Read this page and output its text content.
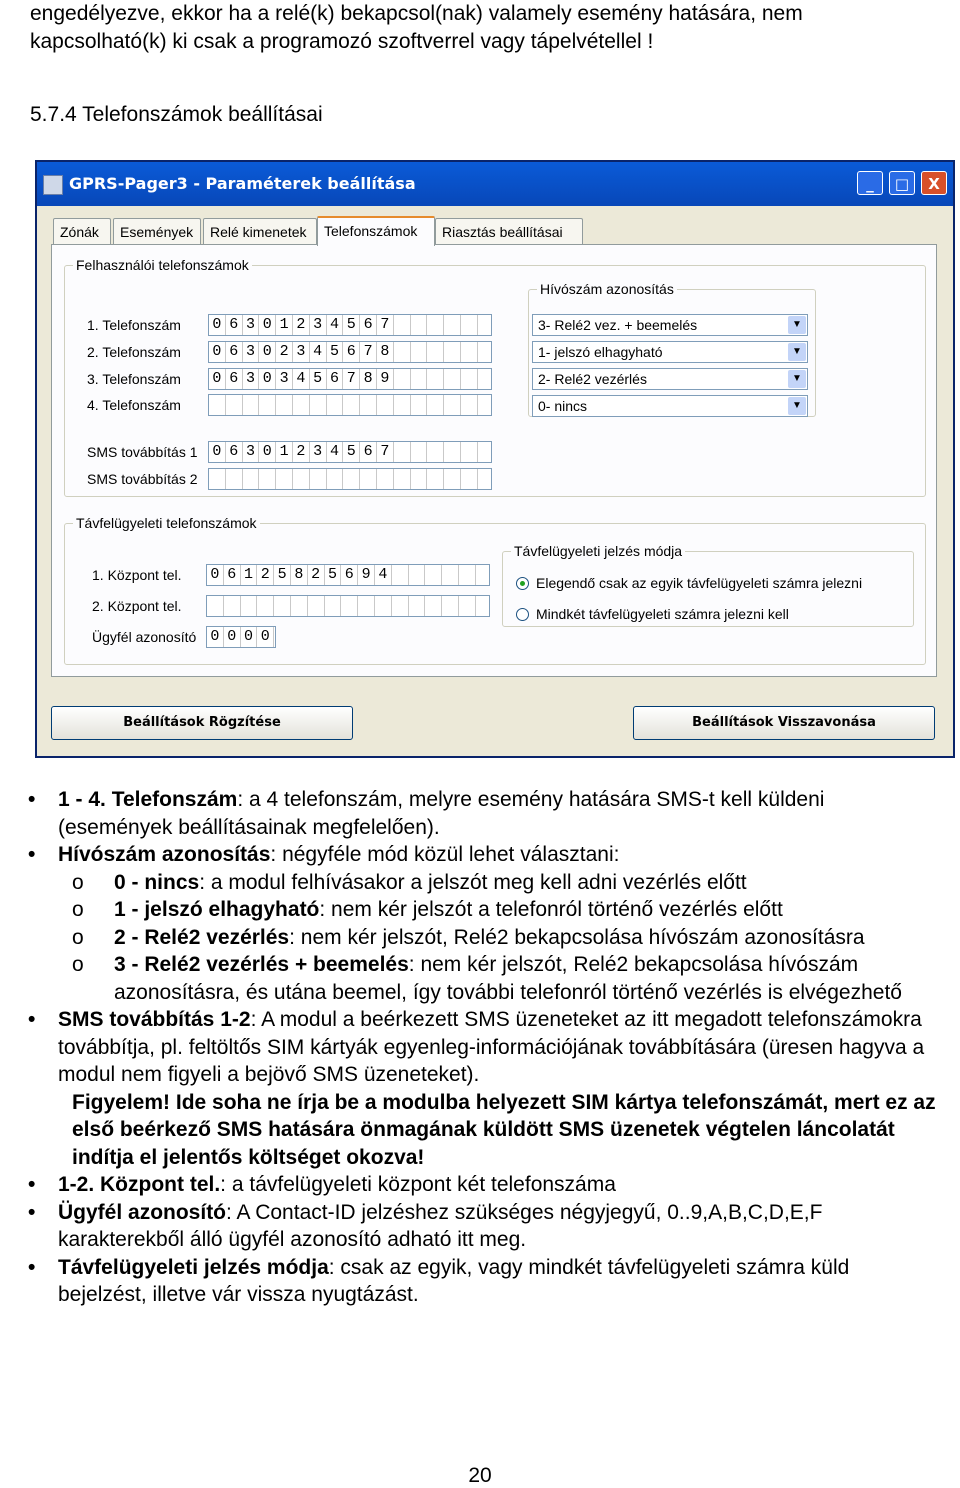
engedélyezve, ekkor ha a relé(k) bekapcsol(nak) valamely esemény hatására, nem kapcsolható(k) ki csak a programozó szoftverrel vagy tápelvétellel !
5.7.4 Telefonszámok beállításai
GPRS-Pager3 - Paraméterek beállítása	_	□	X
Zónák	Események	Relé kimenetek	Telefonszámok	Riasztás beállításai
Felhasználói telefonszámok
1. Telefonszám 0 6 3 0 1 2 3 4 5 6 7
2. Telefonszám 0 6 3 0 2 3 4 5 6 7 8
3. Telefonszám 0 6 3 0 3 4 5 6 7 8 9
4. Telefonszám
SMS továbbítás 1 0 6 3 0 1 2 3 4 5 6 7
SMS továbbítás 2
Hívószám azonosítás
3- Relé2 vez. + beemelés	▼
1- jelszó elhagyható	▼
2- Relé2 vezérlés	▼
0- nincs	▼
Távfelügyeleti telefonszámok
1. Központ tel. 0 6 1 2 5 8 2 5 6 9 4
2. Központ tel.
Ügyfél azonosító 0 0 0 0
Távfelügyeleti jelzés módja
Elegendő csak az egyik távfelügyeleti számra jelezni
Mindkét távfelügyeleti számra jelezni kell
Beállítások Rögzítése	Beállítások Visszavonása
• 1 - 4. Telefonszám: a 4 telefonszám, melyre esemény hatására SMS-t kell küldeni (események beállításainak megfelelően).
• Hívószám azonosítás: négyféle mód közül lehet választani:
o 0 - nincs: a modul felhívásakor a jelszót meg kell adni vezérlés előtt
o 1 - jelszó elhagyható: nem kér jelszót a telefonról történő vezérlés előtt
o 2 - Relé2 vezérlés: nem kér jelszót, Relé2 bekapcsolása hívószám azonosításra
o 3 - Relé2 vezérlés + beemelés: nem kér jelszót, Relé2 bekapcsolása hívószám azonosításra, és utána beemel, így további telefonról történő vezérlés is elvégezhető
• SMS továbbítás 1-2: A modul a beérkezett SMS üzeneteket az itt megadott telefonszámokra továbbítja, pl. feltöltős SIM kártyák egyenleg-információjának továbbítására (üresen hagyva a modul nem figyeli a bejövő SMS üzeneteket).
Figyelem! Ide soha ne írja be a modulba helyezett SIM kártya telefonszámát, mert ez az első beérkező SMS hatására önmagának küldött SMS üzenetek végtelen láncolatát indítja el jelentős költséget okozva!
• 1-2. Központ tel.: a távfelügyeleti központ két telefonszáma
• Ügyfél azonosító: A Contact-ID jelzéshez szükséges négyjegyű, 0..9,A,B,C,D,E,F karakterekből álló ügyfél azonosító adható itt meg.
• Távfelügyeleti jelzés módja: csak az egyik, vagy mindkét távfelügyeleti számra küld bejelzést, illetve vár vissza nyugtázást.
20
